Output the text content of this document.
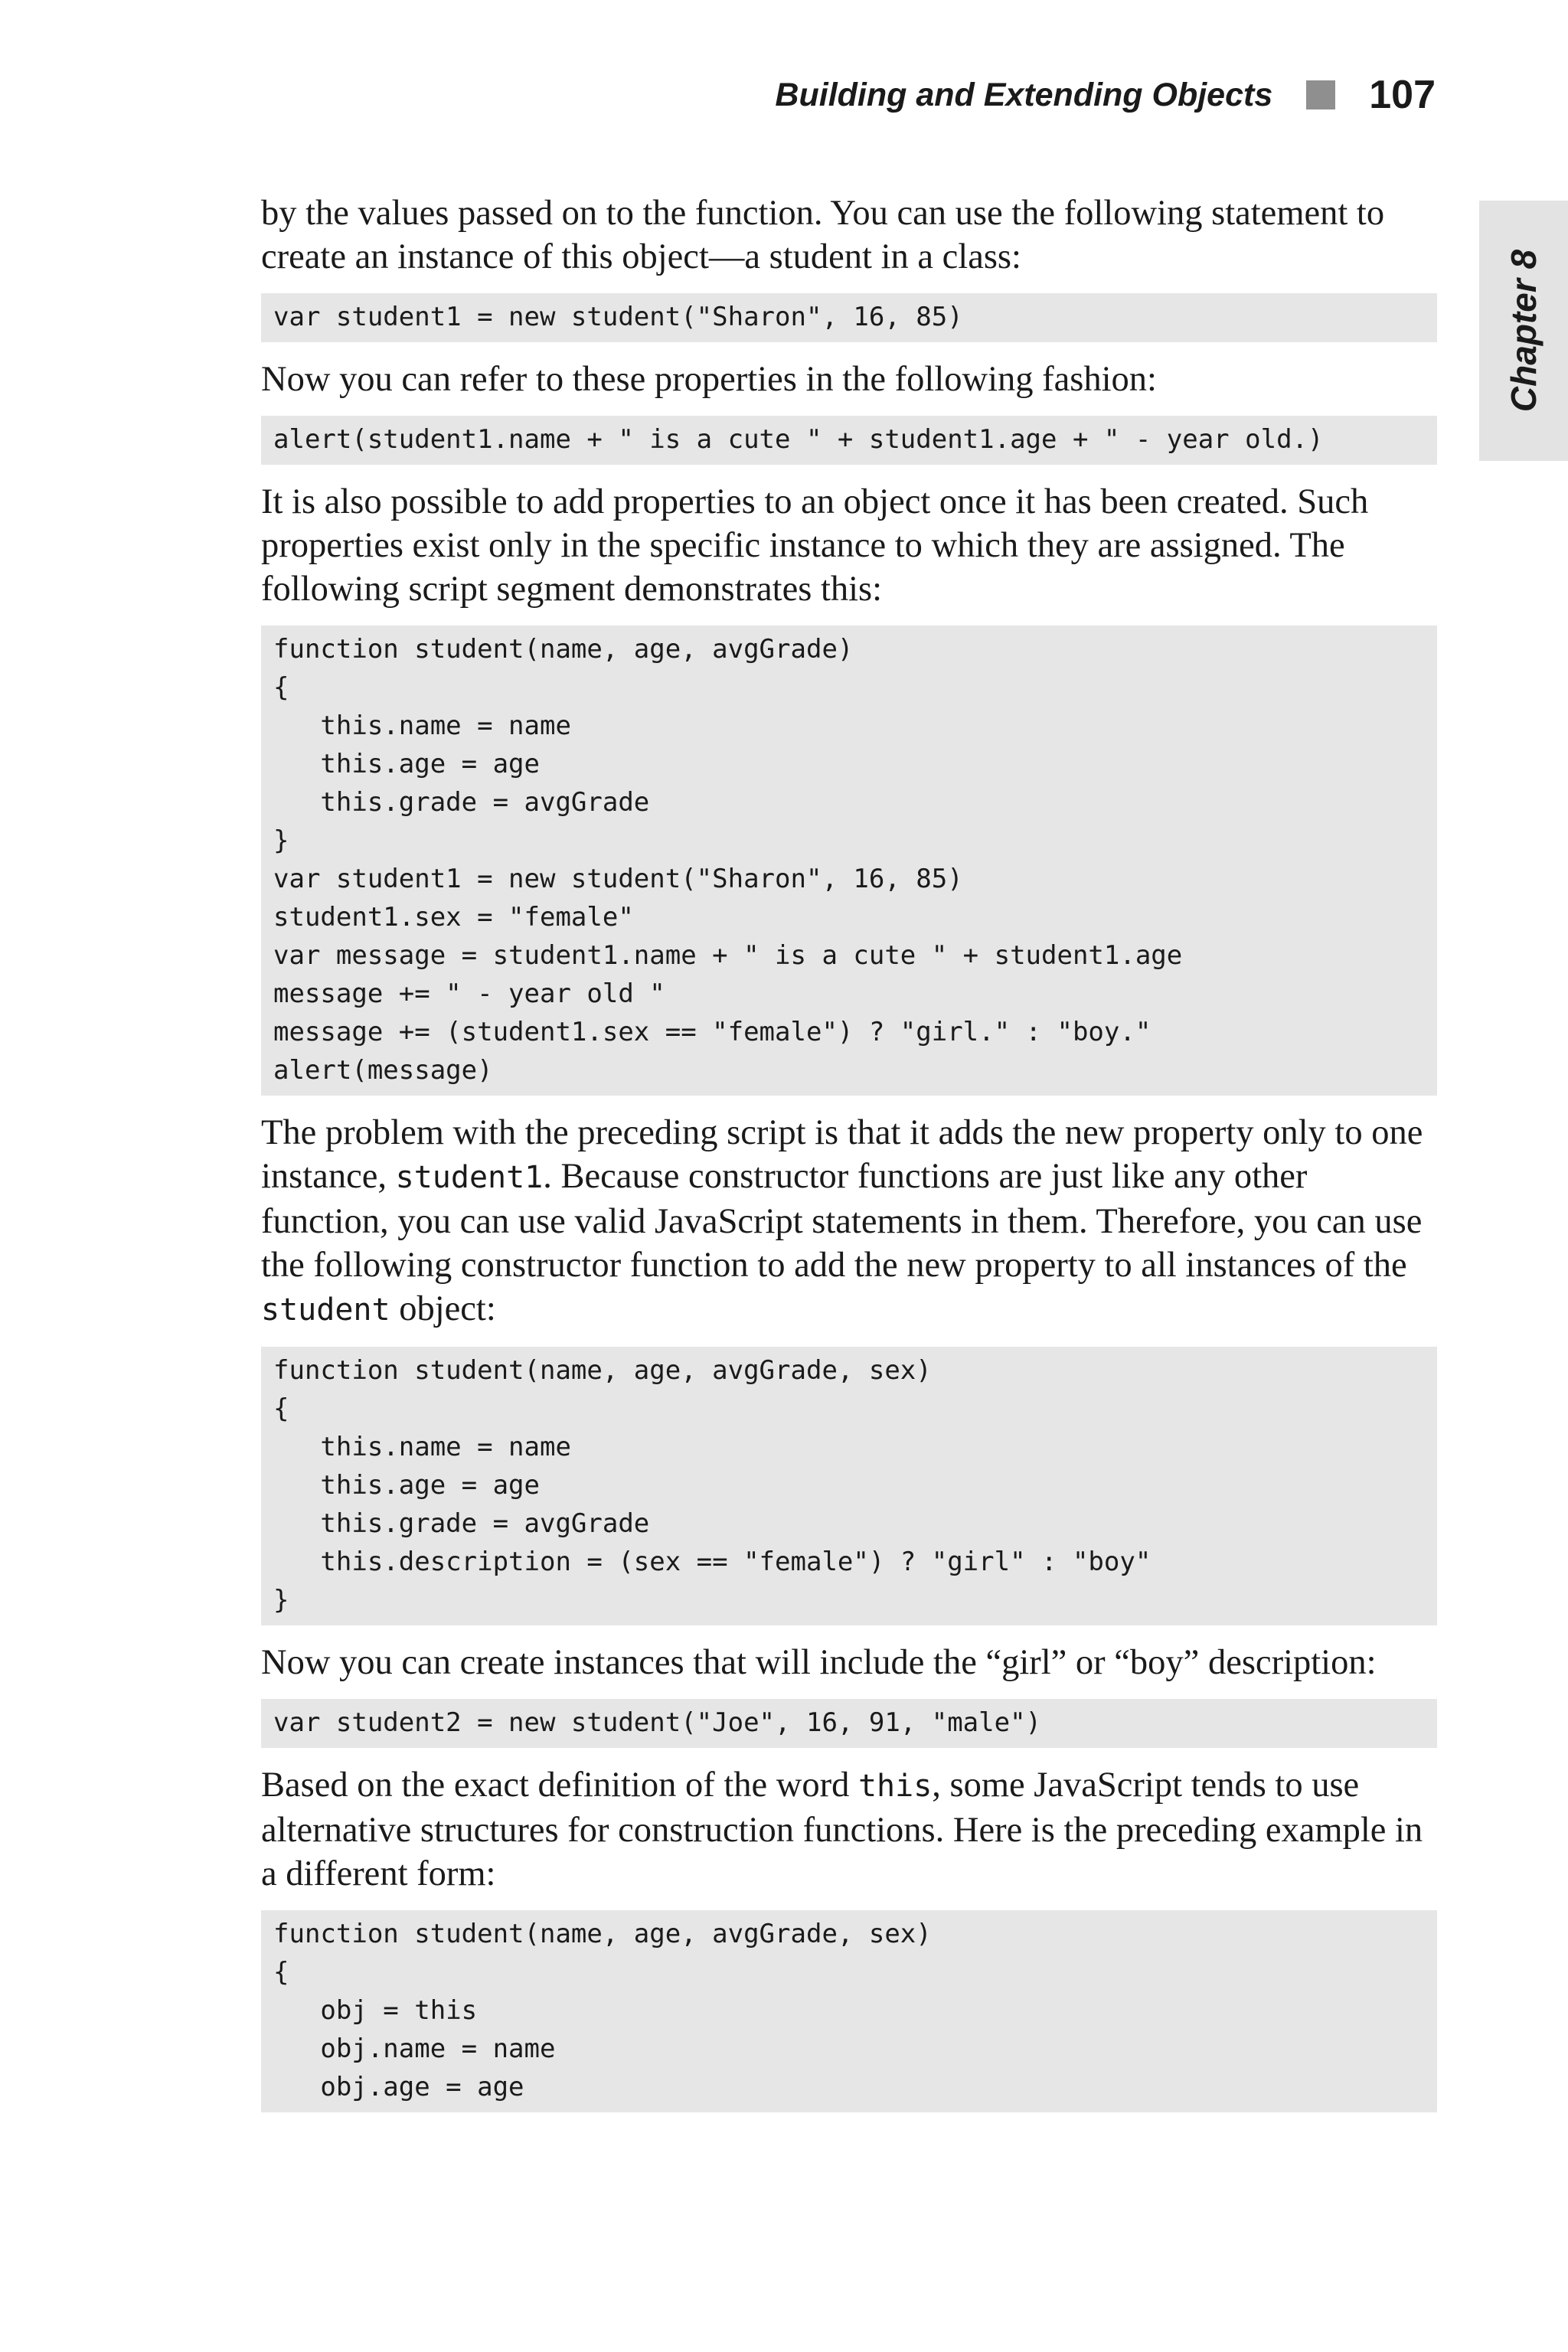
Building and Extending Objects 107
Chapter 8

by the values passed on to the function. You can use the following statement to create an instance of this object—a student in a class:

var student1 = new student("Sharon", 16, 85)

Now you can refer to these properties in the following fashion:

alert(student1.name + " is a cute " + student1.age + " - year old.)

It is also possible to add properties to an object once it has been created. Such properties exist only in the specific instance to which they are assigned. The following script segment demonstrates this:

function student(name, age, avgGrade)
{
this.name = name
this.age = age
this.grade = avgGrade
}
var student1 = new student("Sharon", 16, 85)
student1.sex = "female"
var message = student1.name + " is a cute " + student1.age
message += " - year old "
message += (student1.sex == "female") ? "girl." : "boy."
alert(message)

The problem with the preceding script is that it adds the new property only to one instance, student1. Because constructor functions are just like any other function, you can use valid JavaScript statements in them. Therefore, you can use the following constructor function to add the new property to all instances of the student object:

function student(name, age, avgGrade, sex)
{
this.name = name
this.age = age
this.grade = avgGrade
this.description = (sex == "female") ? "girl" : "boy"
}

Now you can create instances that will include the “girl” or “boy” description:

var student2 = new student("Joe", 16, 91, "male")

Based on the exact definition of the word this, some JavaScript tends to use alternative structures for construction functions. Here is the preceding example in a different form:

function student(name, age, avgGrade, sex)
{
obj = this
obj.name = name
obj.age = age
